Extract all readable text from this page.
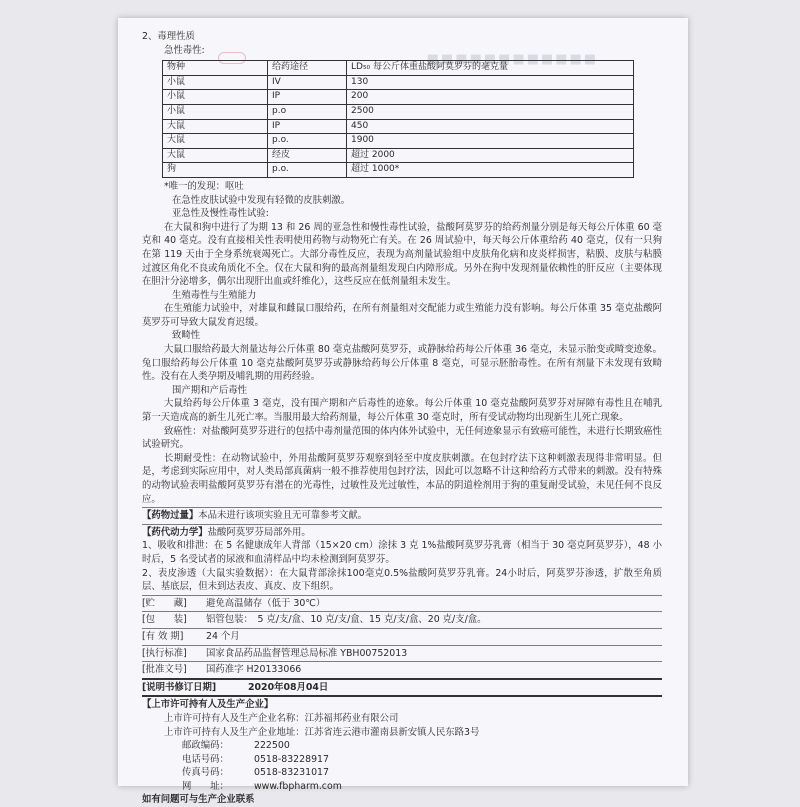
■■■■■■■■■■■■
2、毒理性质
急性毒性:
物种	给药途径	LD₅₀ 每公斤体重盐酸阿莫罗芬的毫克量
小鼠	IV	130
小鼠	IP	200
小鼠	p.o	2500
大鼠	IP	450
大鼠	p.o.	1900
大鼠	经皮	超过 2000
狗	p.o.	超过 1000*
*唯一的发现：呕吐
在急性皮肤试验中发现有轻微的皮肤刺激。
亚急性及慢性毒性试验:
在大鼠和狗中进行了为期 13 和 26 周的亚急性和慢性毒性试验，盐酸阿莫罗芬的给药剂量分别是每天每公斤体重 60 毫克和 40 毫克。没有直接相关性表明使用药物与动物死亡有关。在 26 周试验中，每天每公斤体重给药 40 毫克，仅有一只狗在第 119 天由于全身系统衰竭死亡。大部分毒性反应，表现为高剂量试验组中皮肤角化病和皮炎样损害，粘膜、皮肤与粘膜过渡区角化不良或角质化不全。仅在大鼠和狗的最高剂量组发现白内障形成。另外在狗中发现剂量依赖性的肝反应（主要体现在胆汁分泌增多，偶尔出现肝出血或纤维化），这些反应在低剂量组未发生。
生殖毒性与生殖能力
在生殖能力试验中，对雄鼠和雌鼠口服给药，在所有剂量组对交配能力或生殖能力没有影响。每公斤体重 35 毫克盐酸阿莫罗芬可导致大鼠发育迟缓。
致畸性
大鼠口服给药最大剂量达每公斤体重 80 毫克盐酸阿莫罗芬，或静脉给药每公斤体重 36 毫克，未显示胎变或畸变迹象。兔口服给药每公斤体重 10 毫克盐酸阿莫罗芬或静脉给药每公斤体重 8 毫克，可显示胚胎毒性。在所有剂量下未发现有致畸性。没有在人类孕期及哺乳期的用药经验。
围产期和产后毒性
大鼠给药每公斤体重 3 毫克，没有围产期和产后毒性的迹象。每公斤体重 10 毫克盐酸阿莫罗芬对屏障有毒性且在哺乳第一天造成高的新生儿死亡率。当服用最大给药剂量，每公斤体重 30 毫克时，所有受试动物均出现新生儿死亡现象。
致癌性：对盐酸阿莫罗芬进行的包括中毒剂量范围的体内体外试验中，无任何迹象显示有致癌可能性，未进行长期致癌性试验研究。
长期耐受性：在动物试验中，外用盐酸阿莫罗芬观察到轻至中度皮肤刺激。在包封疗法下这种刺激表现得非常明显。但是，考虑到实际应用中，对人类局部真菌病一般不推荐使用包封疗法，因此可以忽略不计这种给药方式带来的刺激。没有特殊的动物试验表明盐酸阿莫罗芬有潜在的光毒性，过敏性及光过敏性，本品的阴道栓剂用于狗的重复耐受试验，未见任何不良反应。
【药物过量】本品未进行该项实验且无可靠参考文献。
【药代动力学】盐酸阿莫罗芬局部外用。
1、吸收和排泄：在 5 名健康成年人背部（15×20 cm）涂抹 3 克 1%盐酸阿莫罗芬乳膏（相当于 30 毫克阿莫罗芬），48 小时后，5 名受试者的尿液和血清样品中均未检测到阿莫罗芬。
2、表皮渗透（大鼠实验数据）：在大鼠背部涂抹100毫克0.5%盐酸阿莫罗芬乳膏。24小时后，阿莫罗芬渗透，扩散至角质层、基底层，但未到达表皮、真皮、皮下组织。
[贮　　藏]	避免高温储存（低于 30℃）
[包　　装]	铝管包装：　5 克/支/盒、10 克/支/盒、15 克/支/盒、20 克/支/盒。
[有 效 期]	24 个月
[执行标准]	国家食品药品监督管理总局标准 YBH00752013
[批准文号]	国药准字 H20133066
[说明书修订日期]	2020年08月04日
【上市许可持有人及生产企业】
上市许可持有人及生产企业名称：江苏福邦药业有限公司
上市许可持有人及生产企业地址：江苏省连云港市灌南县新安镇人民东路3号
邮政编码：	222500
电话号码：	0518-83228917
传真号码：	0518-83231017
网　　址：	www.fbpharm.com
如有问题可与生产企业联系
